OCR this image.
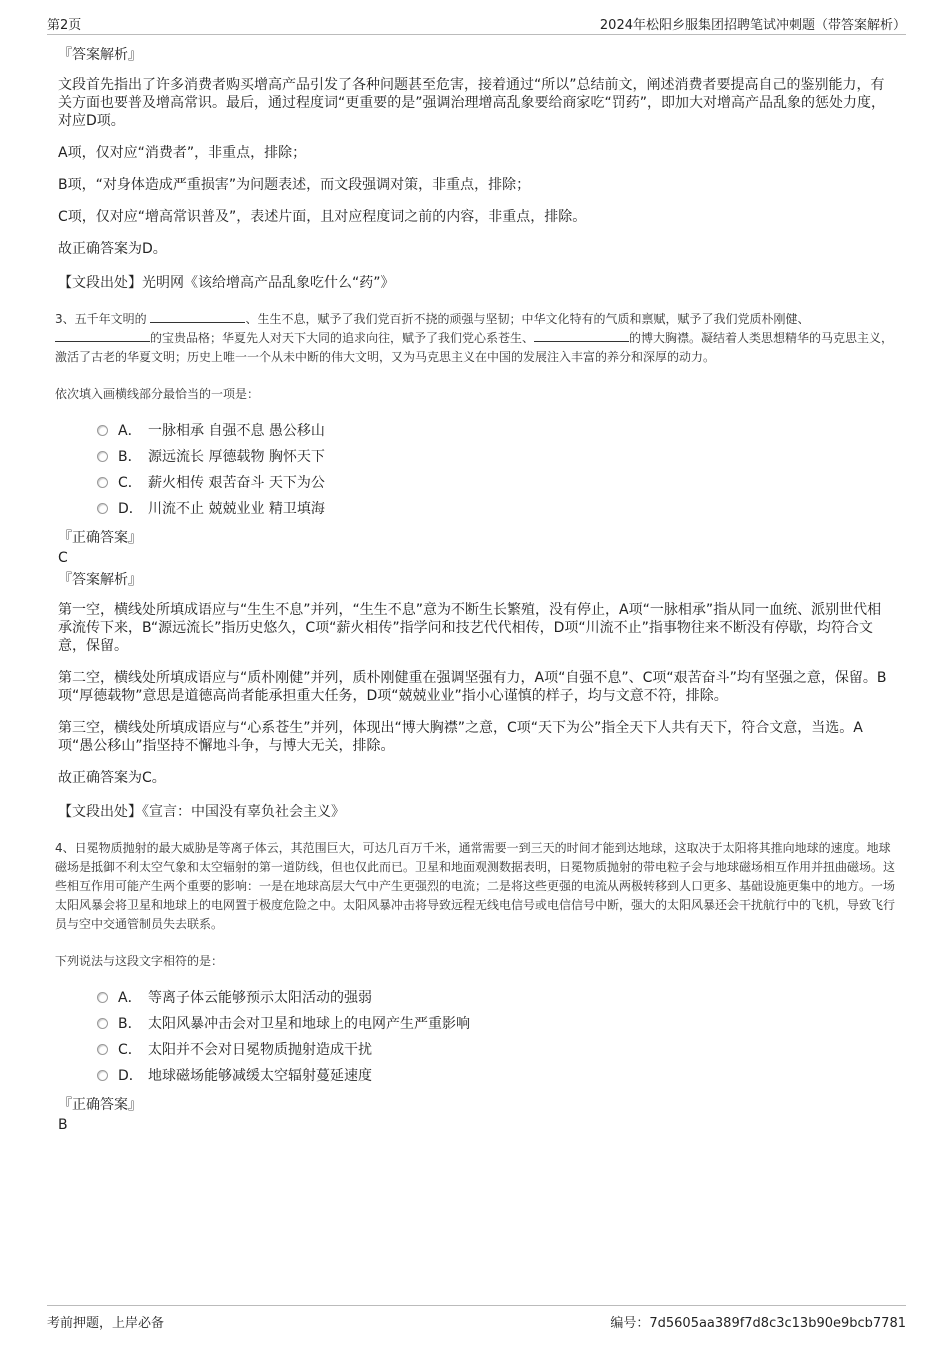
第2页	2024年松阳乡服集团招聘笔试冲刺题（带答案解析）
『答案解析』
文段首先指出了许多消费者购买增高产品引发了各种问题甚至危害，接着通过“所以”总结前文，阐述消费者要提高自己的鉴别能力，有关方面也要普及增高常识。最后，通过程度词“更重要的是”强调治理增高乱象要给商家吃“罚药”，即加大对增高产品乱象的惩处力度，对应D项。
A项，仅对应“消费者”，非重点，排除；
B项，“对身体造成严重损害”为问题表述，而文段强调对策，非重点，排除；
C项，仅对应“增高常识普及”，表述片面，且对应程度词之前的内容，非重点，排除。
故正确答案为D。
【文段出处】光明网《该给增高产品乱象吃什么“药”》
3、五千年文明的	、生生不息，赋予了我们党百折不挠的顽强与坚韧；中华文化特有的气质和禀赋，赋予了我们党质朴刚健、的宝贵品格；华夏先人对天下大同的追求向往，赋予了我们党心系苍生、	的博大胸襟。凝结着人类思想精华的马克思主义，激活了古老的华夏文明；历史上唯一一个从未中断的伟大文明，又为马克思主义在中国的发展注入丰富的养分和深厚的动力。
依次填入画横线部分最恰当的一项是：
A． 一脉相承 自强不息 愚公移山
B． 源远流长 厚德载物 胸怀天下
C． 薪火相传 艰苦奋斗 天下为公
D． 川流不止 兢兢业业 精卫填海
『正确答案』
C
『答案解析』
第一空，横线处所填成语应与“生生不息”并列，“生生不息”意为不断生长繁殖，没有停止，A项“一脉相承”指从同一血统、派别世代相承流传下来，B“源远流长”指历史悠久，C项“薪火相传”指学问和技艺代代相传，D项“川流不止”指事物往来不断没有停歇，均符合文意，保留。
第二空，横线处所填成语应与“质朴刚健”并列，质朴刚健重在强调坚强有力，A项“自强不息”、C项“艰苦奋斗”均有坚强之意，保留。B项“厚德载物”意思是道德高尚者能承担重大任务，D项“兢兢业业”指小心谨慎的样子，均与文意不符，排除。
第三空，横线处所填成语应与“心系苍生”并列，体现出“博大胸襟”之意，C项“天下为公”指全天下人共有天下，符合文意，当选。A项“愚公移山”指坚持不懈地斗争，与博大无关，排除。
故正确答案为C。
【文段出处】《宣言：中国没有辜负社会主义》
4、日冕物质抛射的最大威胁是等离子体云，其范围巨大，可达几百万千米，通常需要一到三天的时间才能到达地球，这取决于太阳将其推向地球的速度。地球磁场是抵御不利太空气象和太空辐射的第一道防线，但也仅此而已。卫星和地面观测数据表明，日冕物质抛射的带电粒子会与地球磁场相互作用并扭曲磁场。这些相互作用可能产生两个重要的影响：一是在地球高层大气中产生更强烈的电流；二是将这些更强的电流从两极转移到人口更多、基础设施更集中的地方。一场太阳风暴会将卫星和地球上的电网置于极度危险之中。太阳风暴冲击将导致远程无线电信号或电信信号中断，强大的太阳风暴还会干扰航行中的飞机，导致飞行员与空中交通管制员失去联系。
下列说法与这段文字相符的是：
A． 等离子体云能够预示太阳活动的强弱
B． 太阳风暴冲击会对卫星和地球上的电网产生严重影响
C． 太阳并不会对日冕物质抛射造成干扰
D． 地球磁场能够减缓太空辐射蔓延速度
『正确答案』
B
考前押题，上岸必备	编号：7d5605aa389f7d8c3c13b90e9bcb7781
